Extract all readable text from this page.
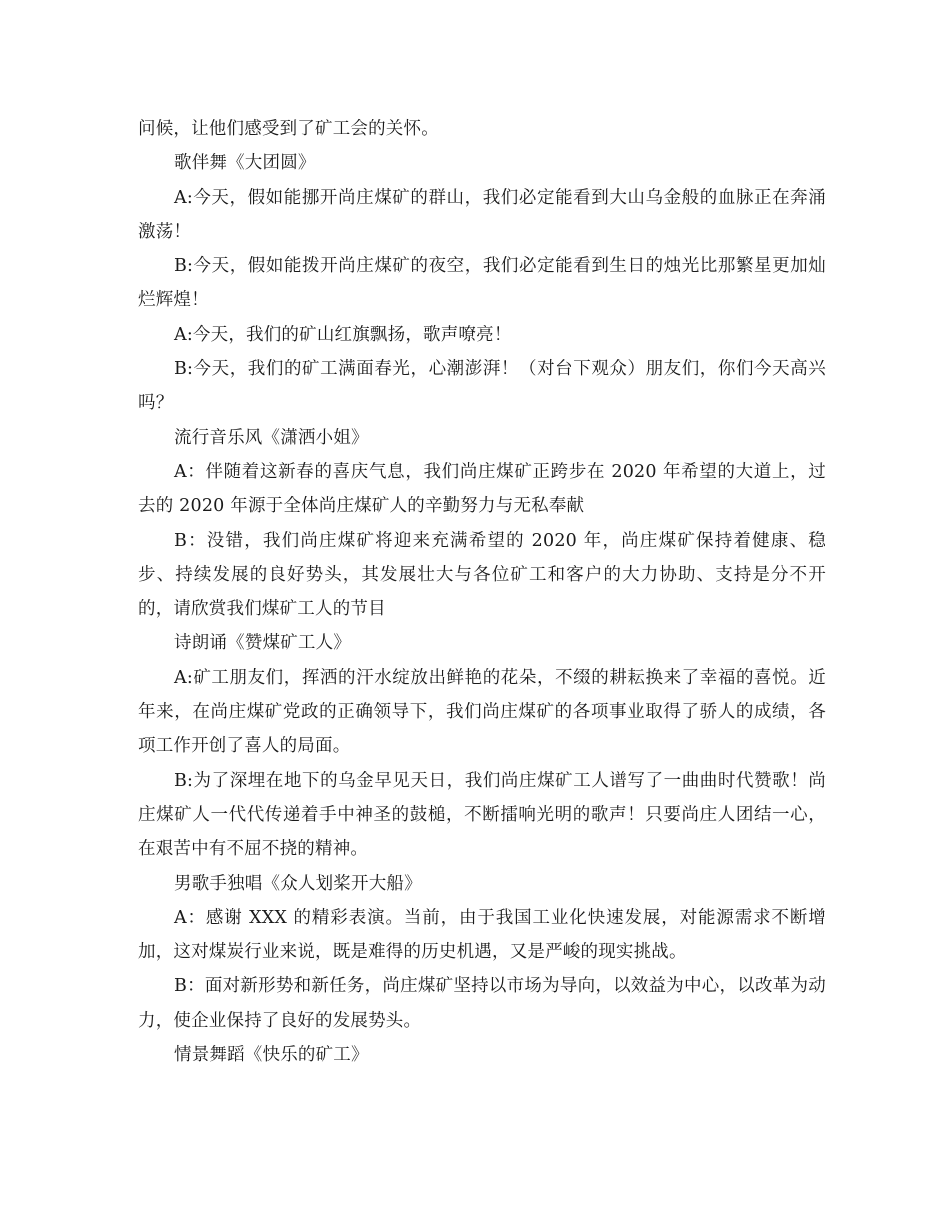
问候，让他们感受到了矿工会的关怀。

歌伴舞《大团圆》

A:今天，假如能挪开尚庄煤矿的群山，我们必定能看到大山乌金般的血脉正在奔涌激荡！

B:今天，假如能拨开尚庄煤矿的夜空，我们必定能看到生日的烛光比那繁星更加灿烂辉煌！

A:今天，我们的矿山红旗飘扬，歌声嘹亮！

B:今天，我们的矿工满面春光，心潮澎湃！（对台下观众）朋友们，你们今天高兴吗？

流行音乐风《潇洒小姐》

A：伴随着这新春的喜庆气息，我们尚庄煤矿正跨步在 2020 年希望的大道上，过去的 2020 年源于全体尚庄煤矿人的辛勤努力与无私奉献

B：没错，我们尚庄煤矿将迎来充满希望的 2020 年，尚庄煤矿保持着健康、稳步、持续发展的良好势头，其发展壮大与各位矿工和客户的大力协助、支持是分不开的，请欣赏我们煤矿工人的节目

诗朗诵《赞煤矿工人》

A:矿工朋友们，挥洒的汗水绽放出鲜艳的花朵，不缀的耕耘换来了幸福的喜悦。近年来，在尚庄煤矿党政的正确领导下，我们尚庄煤矿的各项事业取得了骄人的成绩，各项工作开创了喜人的局面。

B:为了深埋在地下的乌金早见天日，我们尚庄煤矿工人谱写了一曲曲时代赞歌！尚庄煤矿人一代代传递着手中神圣的鼓槌，不断擂响光明的歌声！只要尚庄人团结一心，在艰苦中有不屈不挠的精神。

男歌手独唱《众人划桨开大船》

A：感谢 XXX 的精彩表演。当前，由于我国工业化快速发展，对能源需求不断增加，这对煤炭行业来说，既是难得的历史机遇，又是严峻的现实挑战。

B：面对新形势和新任务，尚庄煤矿坚持以市场为导向，以效益为中心，以改革为动力，使企业保持了良好的发展势头。

情景舞蹈《快乐的矿工》
